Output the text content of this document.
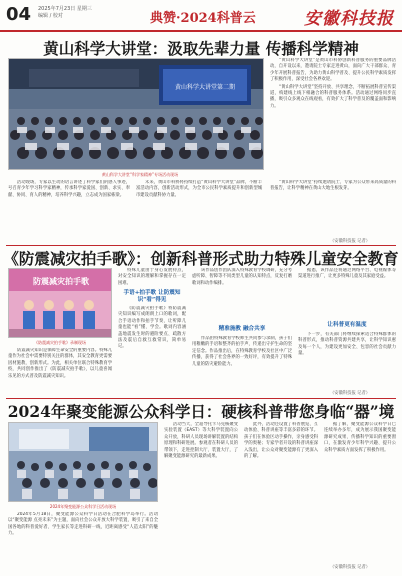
04 2025年7月23日 星期三
编辑 / 校对	典赞·2024科普云	安徽科技报
黄山科学大讲堂：汲取先辈力量 传播科学精神
黄山科学大讲堂第二期
黄山科学大讲堂“科学家精神”专场活动现场
“黄山科学大讲堂”是黄山市科协创新科普服务的重要品牌活动，自开设以来，邀请院士专家走进黄山，面向广大干部群众、青少年开展科普报告，为助力黄山科学普及、提升公民科学素质发挥了积极作用，深受社会各界欢迎。
“黄山科学大讲堂”坚持开放、共享理念，不断拓展科普宣传渠道，构建线上线下相融合的科普服务体系。活动通过网络同步直播，吸引众多观众在线观看，有效扩大了科学普及的覆盖面和影响力。
活动现场，专家以生动的语言讲述了科学家们的感人事迹，号召青少年学习科学家精神，传承科学家爱国、创新、求实、奉献、协同、育人的精神，培养科学兴趣，立志成为国家栋梁。
未来，黄山市科协将持续打造“黄山科学大讲堂”品牌，不断丰富活动内容，创新活动形式，为全市公民科学素质提升和创新型城市建设贡献科协力量。
“黄山科学大讲堂”持续邀请院士、专家为公众带来高质量的科普报告，让科学精神在黄山大地生根发芽。
（安徽科技报 记者）
《防震减灾拍手歌》：创新科普形式助力特殊儿童安全教育
防震减灾拍手歌
《防震减灾拍手歌》录制现场
防震减灾知识是保障生命安全的重要内容。特殊儿童作为社会中需要特别关注的群体，其安全教育更需要因材施教，创新形式。为此，相关单位联合特殊教育学校，共同创作推出了《防震减灾拍手歌》，以儿童喜闻乐见的方式普及防震减灾知识。
特殊儿童由于身心发展特点，对安全知识的理解和掌握存在一定困难。
手语+拍手歌 让防震知识“看”得见
《防震减灾拍手歌》将防震减灾知识编写成朗朗上口的歌词，配合手语动作和拍手节奏，让听障儿童也能“看”懂、学会。歌词内容涵盖地震发生时的避险要点、疏散方法及震后自救互救常识，简单易记。
该作品创作团队深入特殊教育学校调研，充分考虑听障、智障等不同类型儿童的认知特点，反复打磨歌词和动作编排。
精准施教 融合共享
作品由特殊教育学校师生共同参与录制，孩子们用稚嫩的手语和整齐的拍手声，传递出守护生命的坚定信念。作品推出后，在特殊教育学校及社区中广泛传播，获得了社会各界的一致好评，有效提升了特殊儿童的防灾避险能力。
据悉，该作品还将通过网络平台、电视媒体等渠道进行推广，让更多特殊儿童及其家庭受益。
让科普更有温度
下一步，有关部门将继续探索适合特殊群体的科普形式，推动科普资源共建共享，让科学知识惠及每一个人，为建设更加安全、包容的社会贡献力量。
（安徽科技报 记者）
2024年聚变能源公众科学日：硬核科普带您身临“器”境
2024年聚变能源公众科学日活动现场
2024年5月18日，聚变能源公众科学日活动在合肥科学岛举行。活动以“聚变能源 点亮未来”为主题，面向社会公众开放大科学装置，吸引了来自全国各地的科普爱好者、学生家长等走进科研一线，近距离感受“人造太阳”的魅力。
活动当天，全超导托卡马克核聚变实验装置（EAST）等大科学装置向公众开放，科研人员现场讲解装置的结构原理和科研进展。参观者在科研人员的带领下，走进控制大厅、装置大厅，了解聚变能源研究的最新成果。
此外，活动还设置了科普展览、互动体验、科普讲座等丰富多彩的环节。孩子们在体验区动手操作，亲身感受科学的奥秘；专家学者开设的科普讲座深入浅出，让公众对聚变能源有了更深入的了解。
据了解，聚变能源公众科学日已连续举办多年，成为展示我国聚变能源研究成果、传播科学知识的重要窗口，在激发青少年科学兴趣、提升公众科学素质方面发挥了积极作用。
（安徽科技报 记者）
